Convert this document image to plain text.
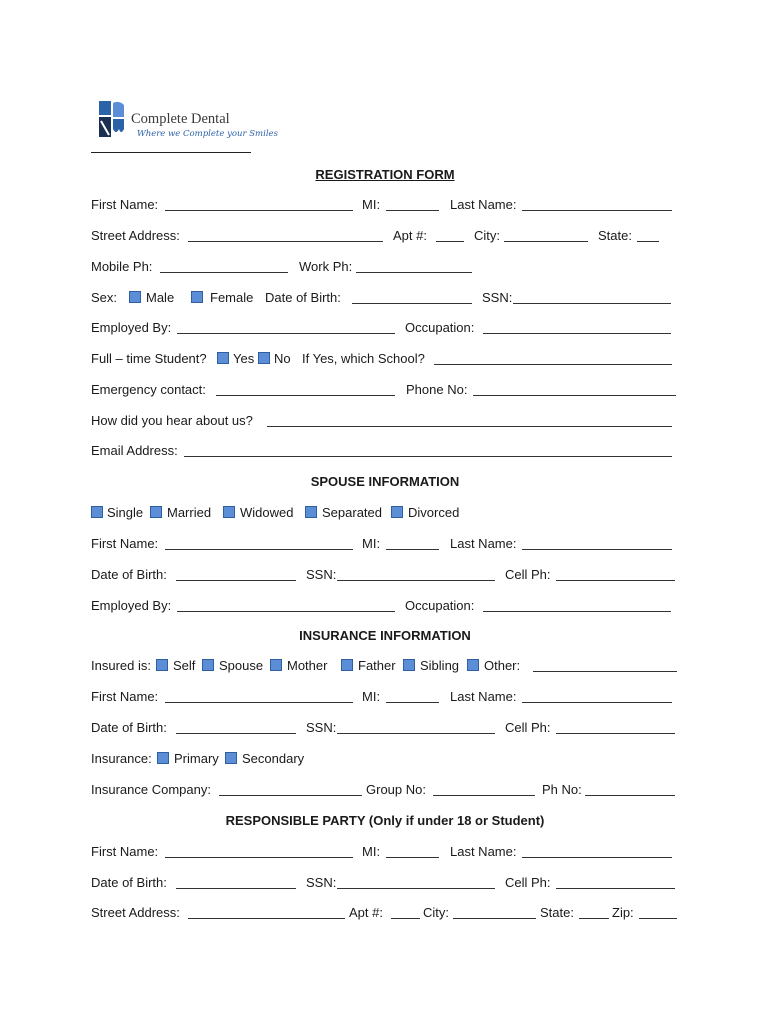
Complete Dental
Where we Complete your Smiles
REGISTRATION FORM
First Name:	MI:	Last Name:
Street Address:	Apt #:	City:	State:
Mobile Ph:	Work Ph:
Sex: Male	Female Date of Birth:	SSN:
Employed By:	Occupation:
Full – time Student? Yes No If Yes, which School?
Emergency contact:	Phone No:
How did you hear about us?
Email Address:
SPOUSE INFORMATION
Single Married Widowed Separated Divorced
First Name:	MI:	Last Name:
Date of Birth:	SSN:	Cell Ph:
Employed By:	Occupation:
INSURANCE INFORMATION
Insured is: Self Spouse Mother Father Sibling Other:
First Name:	MI:	Last Name:
Date of Birth:	SSN:	Cell Ph:
Insurance: Primary Secondary
Insurance Company:	Group No:	Ph No:
RESPONSIBLE PARTY (Only if under 18 or Student)
First Name:	MI:	Last Name:
Date of Birth:	SSN:	Cell Ph:
Street Address:	Apt #:	City:	State:	Zip:
